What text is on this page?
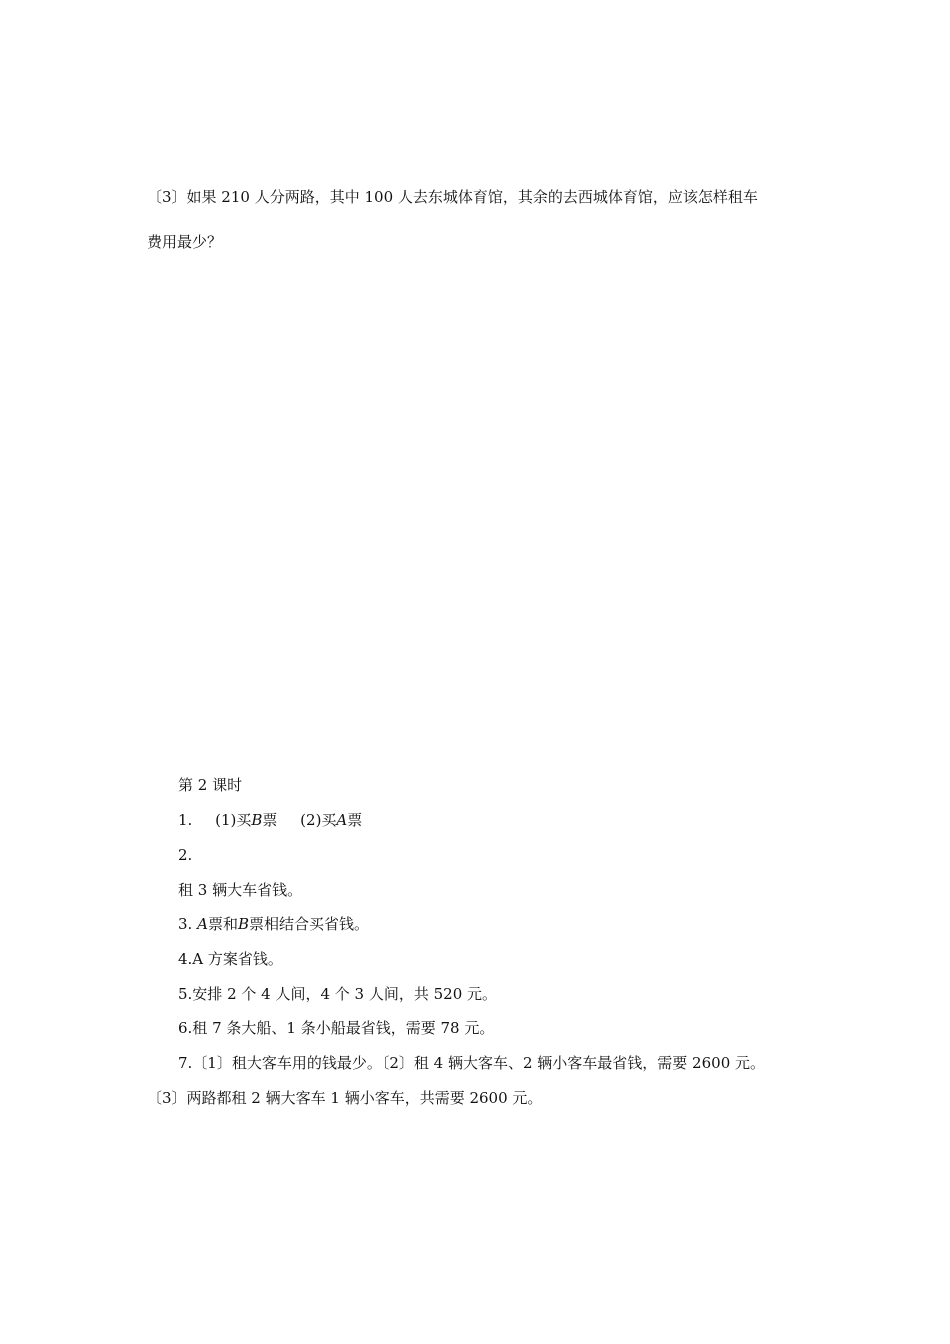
〔3〕如果 210 人分两路，其中 100 人去东城体育馆，其余的去西城体育馆，应该怎样租车
费用最少？
第 2 课时
1. (1)买B票 (2)买A票
2.
租 3 辆大车省钱。
3. A票和B票相结合买省钱。
4.A 方案省钱。
5.安排 2 个 4 人间，4 个 3 人间，共 520 元。
6.租 7 条大船、1 条小船最省钱，需要 78 元。
7.〔1〕租大客车用的钱最少。〔2〕租 4 辆大客车、2 辆小客车最省钱，需要 2600 元。
〔3〕两路都租 2 辆大客车 1 辆小客车，共需要 2600 元。
